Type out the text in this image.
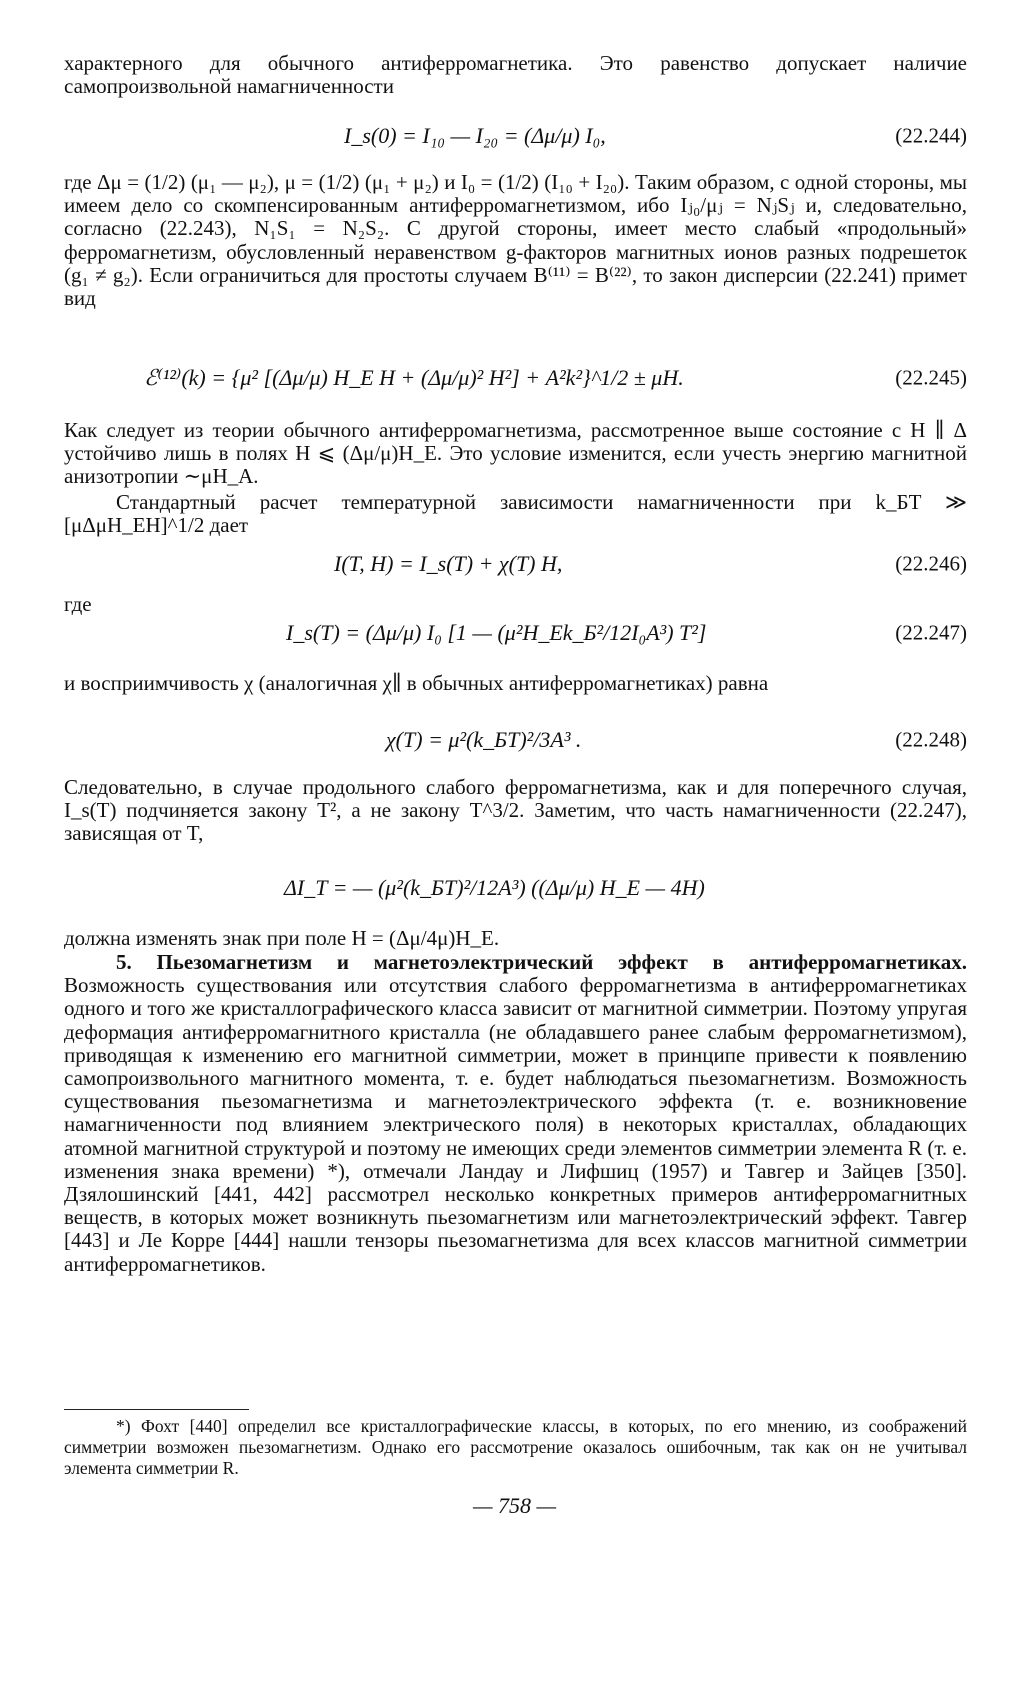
характерного для обычного антиферромагнетика. Это равенство допускает наличие самопроизвольной намагниченности

I_s(0) = I₁₀ — I₂₀ = (Δμ/μ) I₀,	(22.244)

где Δμ = (1/2) (μ₁ — μ₂), μ = (1/2) (μ₁ + μ₂) и I₀ = (1/2) (I₁₀ + I₂₀). Таким образом, с одной стороны, мы имеем дело со скомпенсированным антиферромагнетизмом, ибо Iⱼ₀/μⱼ = NⱼSⱼ и, следовательно, согласно (22.243), N₁S₁ = N₂S₂. С другой стороны, имеет место слабый «продольный» ферромагнетизм, обусловленный неравенством g-факторов магнитных ионов разных подрешеток (g₁ ≠ g₂). Если ограничиться для простоты случаем B⁽¹¹⁾ = B⁽²²⁾, то закон дисперсии (22.241) примет вид

ℰ⁽¹²⁾(k) = {μ² [(Δμ/μ) H_E H + (Δμ/μ)² H²] + A²k²}^1/2 ± μH.	(22.245)

Как следует из теории обычного антиферромагнетизма, рассмотренное выше состояние с H ∥ Δ устойчиво лишь в полях H ⩽ (Δμ/μ)H_E. Это условие изменится, если учесть энергию магнитной анизотропии ∼μH_A.

Стандартный расчет температурной зависимости намагниченности при k_БT ≫ [μΔμH_EH]^1/2 дает

I(T, H) = I_s(T) + χ(T) H,	(22.246)

где

I_s(T) = (Δμ/μ) I₀ [1 — (μ²H_Ek_Б²/12I₀A³) T²]	(22.247)

и восприимчивость χ (аналогичная χ∥ в обычных антиферромагнетиках) равна

χ(T) = μ²(k_БT)²/3A³ .	(22.248)

Следовательно, в случае продольного слабого ферромагнетизма, как и для поперечного случая, I_s(T) подчиняется закону T², а не закону T^3/2. Заметим, что часть намагниченности (22.247), зависящая от T,

ΔI_T = — (μ²(k_БT)²/12A³) ((Δμ/μ) H_E — 4H)

должна изменять знак при поле H = (Δμ/4μ)H_E.

5. Пьезомагнетизм и магнетоэлектрический эффект в антиферромагнетиках. Возможность существования или отсутствия слабого ферромагнетизма в антиферромагнетиках одного и того же кристаллографического класса зависит от магнитной симметрии. Поэтому упругая деформация антиферромагнитного кристалла (не обладавшего ранее слабым ферромагнетизмом), приводящая к изменению его магнитной симметрии, может в принципе привести к появлению самопроизвольного магнитного момента, т. е. будет наблюдаться пьезомагнетизм. Возможность существования пьезомагнетизма и магнетоэлектрического эффекта (т. е. возникновение намагниченности под влиянием электрического поля) в некоторых кристаллах, обладающих атомной магнитной структурой и поэтому не имеющих среди элементов симметрии элемента R (т. е. изменения знака времени) *), отмечали Ландау и Лифшиц (1957) и Тавгер и Зайцев [350]. Дзялошинский [441, 442] рассмотрел несколько конкретных примеров антиферромагнитных веществ, в которых может возникнуть пьезомагнетизм или магнетоэлектрический эффект. Тавгер [443] и Ле Корре [444] нашли тензоры пьезомагнетизма для всех классов магнитной симметрии антиферромагнетиков.

*) Фохт [440] определил все кристаллографические классы, в которых, по его мнению, из соображений симметрии возможен пьезомагнетизм. Однако его рассмотрение оказалось ошибочным, так как он не учитывал элемента симметрии R.

— 758 —
